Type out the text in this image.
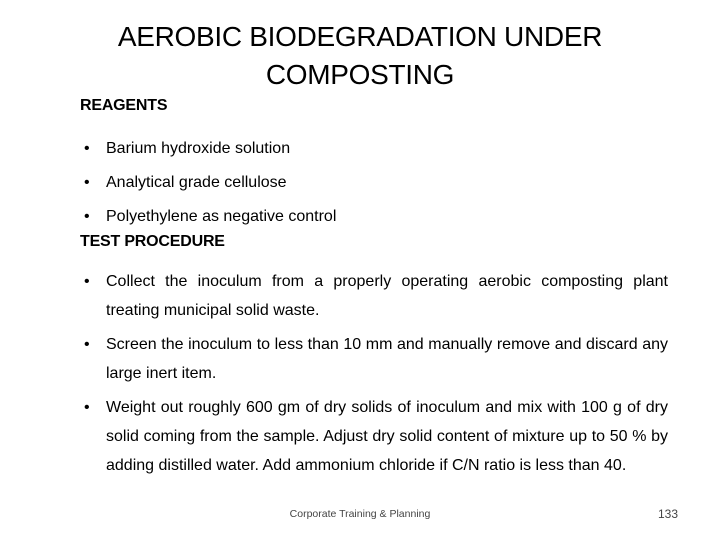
AEROBIC BIODEGRADATION UNDER COMPOSTING
REAGENTS
• Barium hydroxide solution
• Analytical grade cellulose
• Polyethylene as negative control
TEST PROCEDURE
• Collect the inoculum from a properly operating aerobic composting plant treating municipal solid waste.
• Screen the inoculum to less than 10 mm and manually remove and discard any large inert item.
• Weight out roughly 600 gm of dry solids of inoculum and mix with 100 g of dry solid coming from the sample. Adjust dry solid content of mixture up to 50 % by adding distilled water. Add ammonium chloride if C/N ratio is less than 40.
Corporate Training & Planning	133
